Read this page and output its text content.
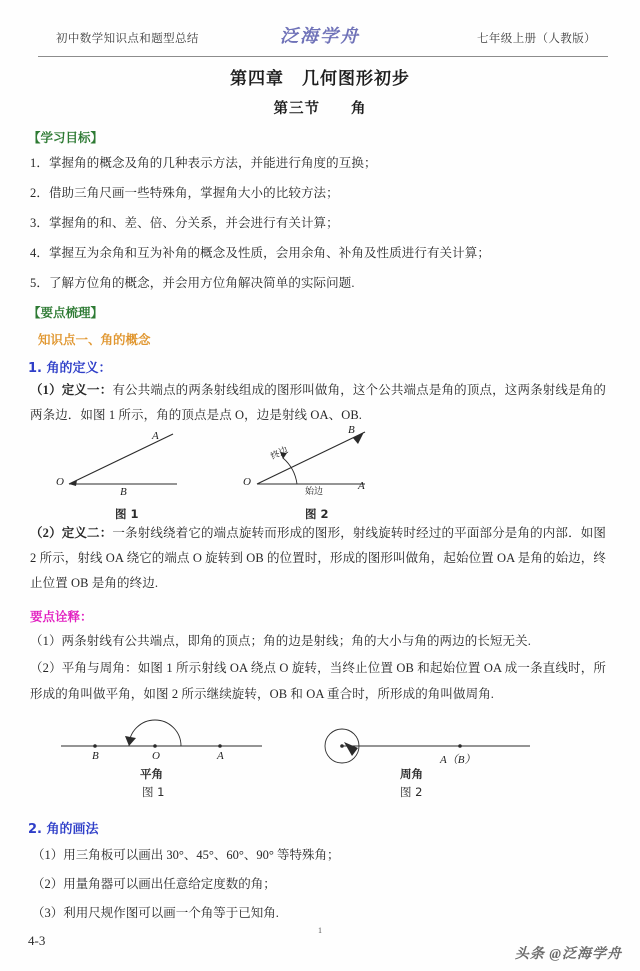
初中数学知识点和题型总结	泛海学舟	七年级上册（人教版）
第四章　几何图形初步
第三节　　角
【学习目标】
1．掌握角的概念及角的几种表示方法，并能进行角度的互换；
2．借助三角尺画一些特殊角，掌握角大小的比较方法；
3．掌握角的和、差、倍、分关系，并会进行有关计算；
4．掌握互为余角和互为补角的概念及性质，会用余角、补角及性质进行有关计算；
5．了解方位角的概念，并会用方位角解决简单的实际问题.
【要点梳理】
知识点一、角的概念
1. 角的定义：
（1）定义一：有公共端点的两条射线组成的图形叫做角，这个公共端点是角的顶点，这两条射线是角的两条边．如图 1 所示，角的顶点是点 O，边是射线 OA、OB.
O
A
B
图 1
O
B
A
终边
始边
图 2
（2）定义二：一条射线绕着它的端点旋转而形成的图形，射线旋转时经过的平面部分是角的内部．如图 2 所示，射线 OA 绕它的端点 O 旋转到 OB 的位置时，形成的图形叫做角，起始位置 OA 是角的始边，终止位置 OB 是角的终边.
要点诠释：
（1）两条射线有公共端点，即角的顶点；角的边是射线；角的大小与角的两边的长短无关.
（2）平角与周角：如图 1 所示射线 OA 绕点 O 旋转，当终止位置 OB 和起始位置 OA 成一条直线时，所形成的角叫做平角，如图 2 所示继续旋转，OB 和 OA 重合时，所形成的角叫做周角.
B	O	A
平角
图 1
A（B）
周角
图 2
2. 角的画法
（1）用三角板可以画出 30°、45°、60°、90° 等特殊角；
（2）用量角器可以画出任意给定度数的角；
（3）利用尺规作图可以画一个角等于已知角.
4-3
1
头条 @泛海学舟
